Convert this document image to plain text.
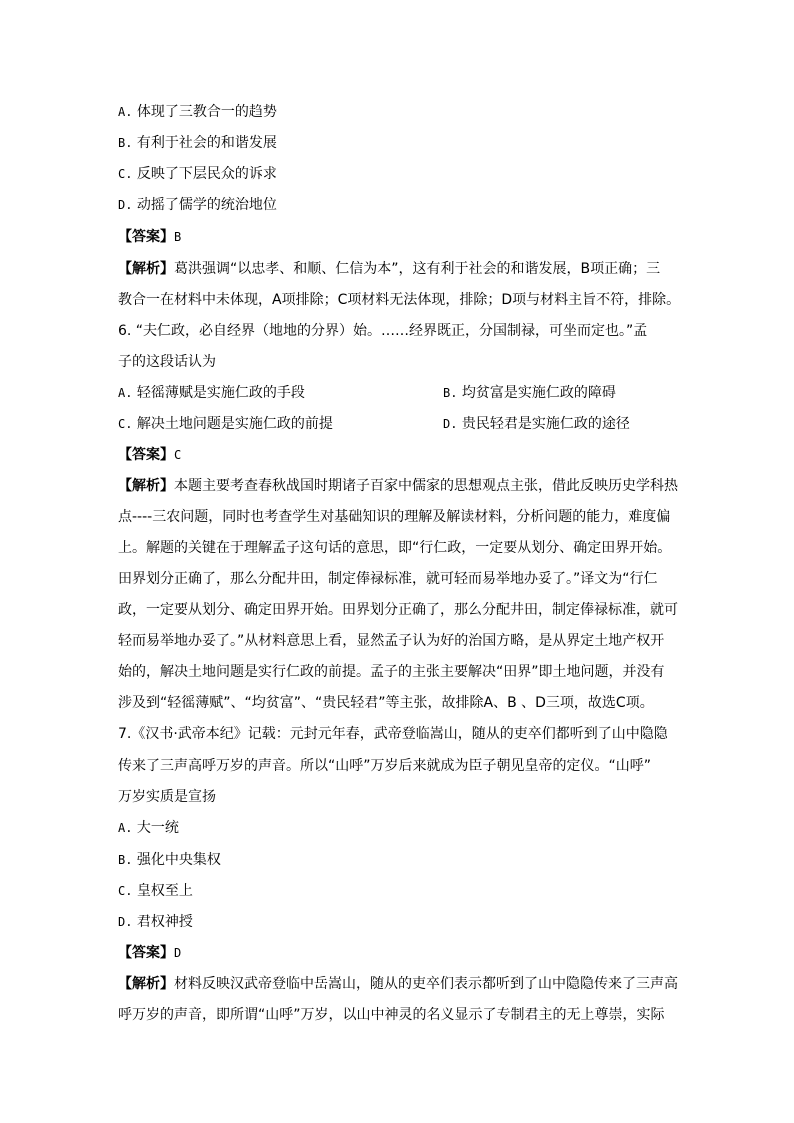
A. 体现了三教合一的趋势
B. 有利于社会的和谐发展
C. 反映了下层民众的诉求
D. 动摇了儒学的统治地位
【答案】B
【解析】葛洪强调“以忠孝、和顺、仁信为本”，这有利于社会的和谐发展，B项正确；三
教合一在材料中未体现，A项排除；C项材料无法体现，排除；D项与材料主旨不符，排除。
6. “夫仁政，必自经界（地地的分界）始。……经界既正，分国制禄，可坐而定也。”孟
子的这段话认为
A. 轻徭薄赋是实施仁政的手段	B. 均贫富是实施仁政的障碍
C. 解决土地问题是实施仁政的前提	D. 贵民轻君是实施仁政的途径
【答案】C
【解析】本题主要考查春秋战国时期诸子百家中儒家的思想观点主张，借此反映历史学科热
点----三农问题，同时也考查学生对基础知识的理解及解读材料，分析问题的能力，难度偏
上。解题的关键在于理解孟子这句话的意思，即“行仁政，一定要从划分、确定田界开始。
田界划分正确了，那么分配井田，制定俸禄标准，就可轻而易举地办妥了。”译文为“行仁
政，一定要从划分、确定田界开始。田界划分正确了，那么分配井田，制定俸禄标准，就可
轻而易举地办妥了。”从材料意思上看，显然孟子认为好的治国方略，是从界定土地产权开
始的，解决土地问题是实行仁政的前提。孟子的主张主要解决“田界”即土地问题，并没有
涉及到“轻徭薄赋”、“均贫富”、“贵民轻君”等主张，故排除A、B 、D三项，故选C项。
7.《汉书·武帝本纪》记载：元封元年春，武帝登临嵩山，随从的吏卒们都听到了山中隐隐
传来了三声高呼万岁的声音。所以“山呼”万岁后来就成为臣子朝见皇帝的定仪。“山呼”
万岁实质是宣扬
A. 大一统
B. 强化中央集权
C. 皇权至上
D. 君权神授
【答案】D
【解析】材料反映汉武帝登临中岳嵩山，随从的吏卒们表示都听到了山中隐隐传来了三声高
呼万岁的声音，即所谓“山呼”万岁，以山中神灵的名义显示了专制君主的无上尊崇，实际
